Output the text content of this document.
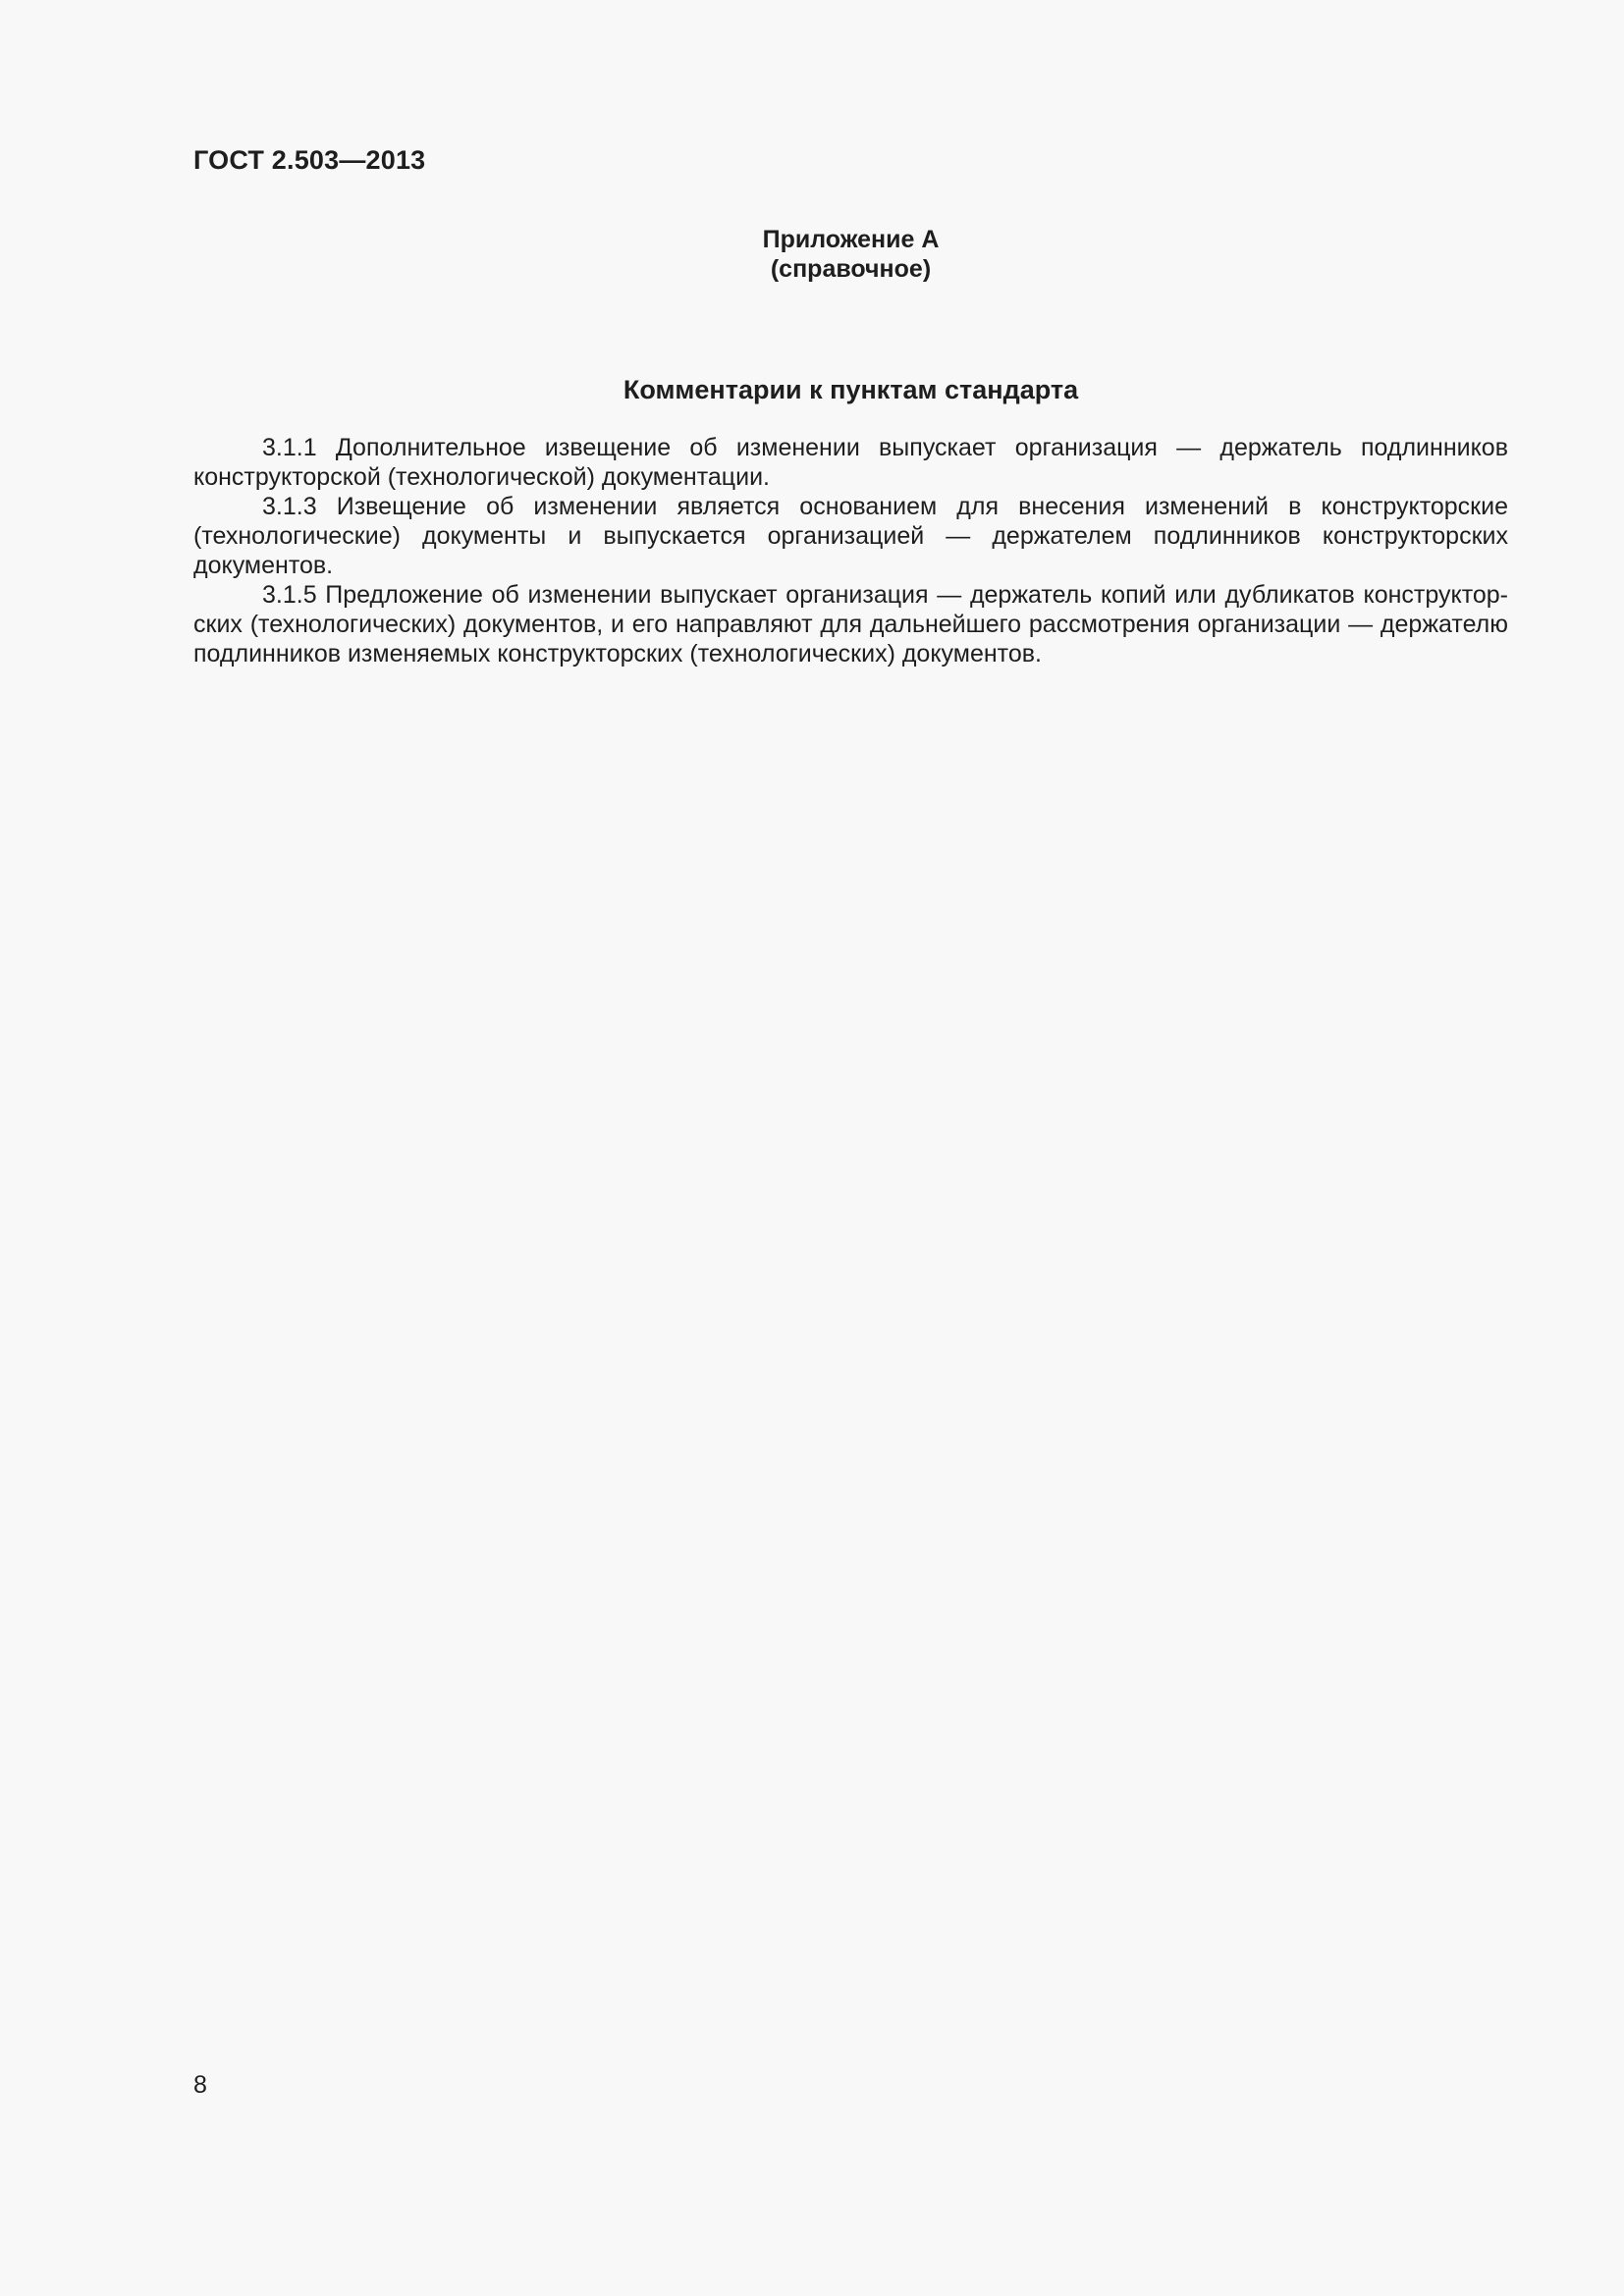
ГОСТ 2.503—2013
Приложение А
(справочное)
Комментарии к пунктам стандарта

3.1.1 Дополнительное извещение об изменении выпускает организация — держатель подлинников конструкторской (технологической) документации.

3.1.3 Извещение об изменении является основанием для внесения изменений в конструкторские (технологические) документы и выпускается организацией — держателем подлинников конструкторских документов.

3.1.5 Предложение об изменении выпускает организация — держатель копий или дубликатов конструкторских (технологических) документов, и его направляют для дальнейшего рассмотрения организации — держателю подлинников изменяемых конструкторских (технологических) документов.

8
